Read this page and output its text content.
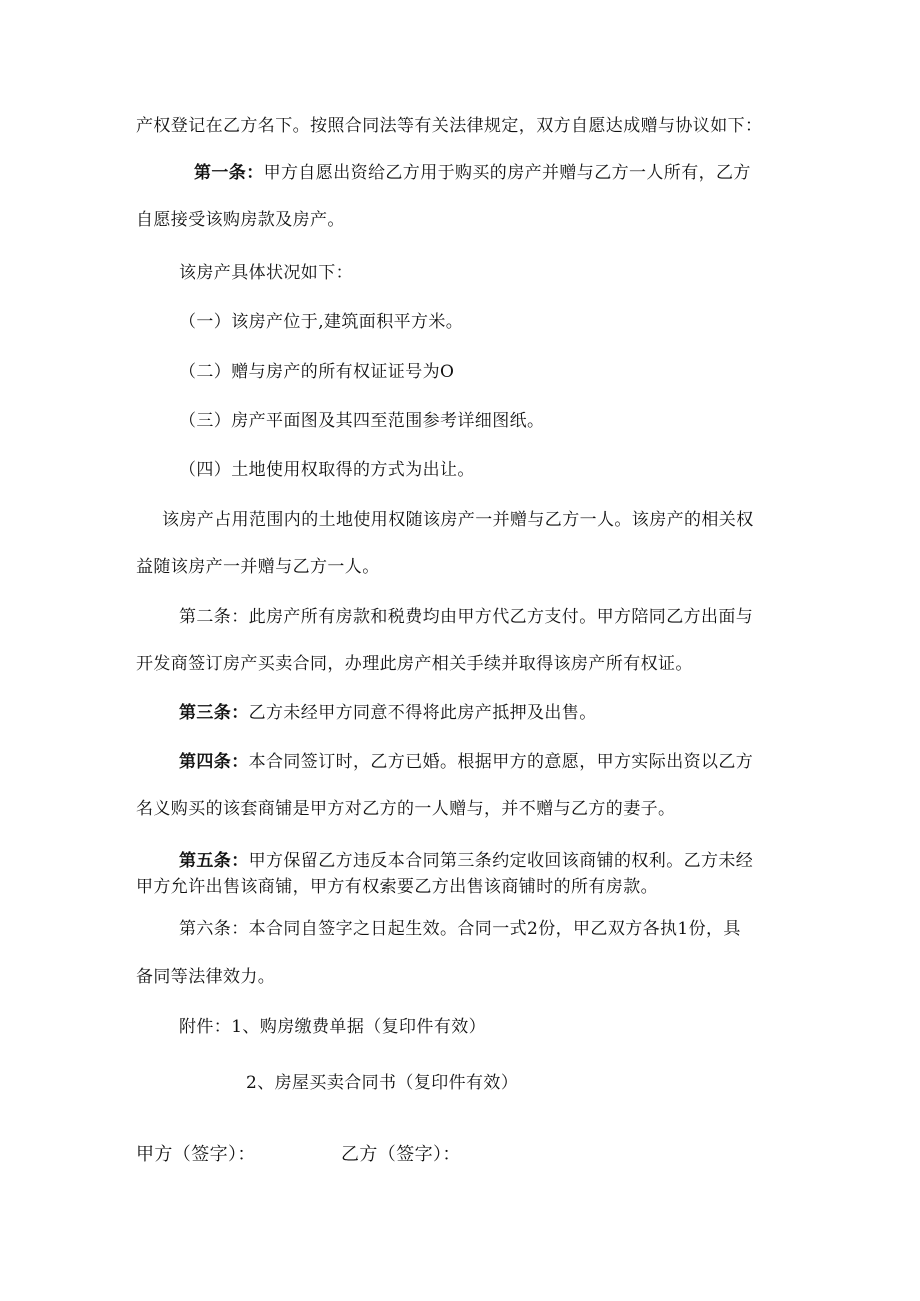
产权登记在乙方名下。按照合同法等有关法律规定，双方自愿达成赠与协议如下：
第一条：甲方自愿出资给乙方用于购买的房产并赠与乙方一人所有，乙方
自愿接受该购房款及房产。
该房产具体状况如下：
（一）该房产位于,建筑面积平方米。
（二）赠与房产的所有权证证号为O
（三）房产平面图及其四至范围参考详细图纸。
（四）土地使用权取得的方式为出让。
该房产占用范围内的土地使用权随该房产一并赠与乙方一人。该房产的相关权
益随该房产一并赠与乙方一人。
第二条：此房产所有房款和税费均由甲方代乙方支付。甲方陪同乙方出面与
开发商签订房产买卖合同，办理此房产相关手续并取得该房产所有权证。
第三条：乙方未经甲方同意不得将此房产抵押及出售。
第四条：本合同签订时，乙方已婚。根据甲方的意愿，甲方实际出资以乙方
名义购买的该套商铺是甲方对乙方的一人赠与，并不赠与乙方的妻子。
第五条：甲方保留乙方违反本合同第三条约定收回该商铺的权利。乙方未经
甲方允许出售该商铺，甲方有权索要乙方出售该商铺时的所有房款。
第六条：本合同自签字之日起生效。合同一式2份，甲乙双方各执1份，具
备同等法律效力。
附件：1、购房缴费单据（复印件有效）
2、房屋买卖合同书（复印件有效）
甲方（签字）：	乙方（签字）：
